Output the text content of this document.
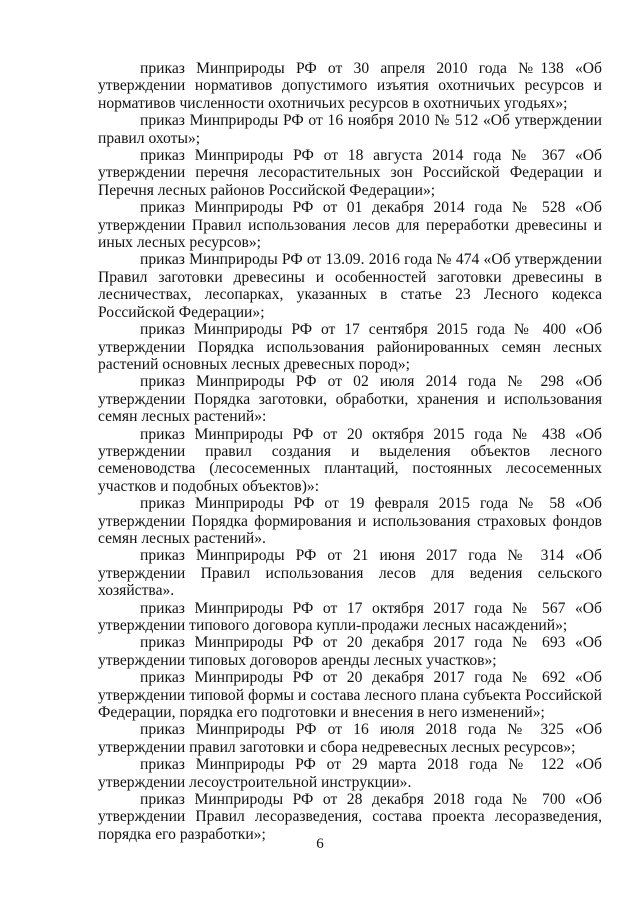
приказ Минприроды РФ от 30 апреля 2010 года №138 «Об утверждении нормативов допустимого изъятия охотничьих ресурсов и нормативов численности охотничьих ресурсов в охотничьих угодьях»;

приказ Минприроды РФ от 16 ноября 2010 № 512 «Об утверждении правил охоты»;

приказ Минприроды РФ от 18 августа 2014 года № 367 «Об утверждении перечня лесорастительных зон Российской Федерации и Перечня лесных районов Российской Федерации»;

приказ Минприроды РФ от 01 декабря 2014 года № 528 «Об утверждении Правил использования лесов для переработки древесины и иных лесных ресурсов»;

приказ Минприроды РФ от 13.09. 2016 года № 474 «Об утверждении Правил заготовки древесины и особенностей заготовки древесины в лесничествах, лесопарках, указанных в статье 23 Лесного кодекса Российской Федерации»;

приказ Минприроды РФ от 17 сентября 2015 года № 400 «Об утверждении Порядка использования районированных семян лесных растений основных лесных древесных пород»;

приказ Минприроды РФ от 02 июля 2014 года № 298 «Об утверждении Порядка заготовки, обработки, хранения и использования семян лесных растений»:

приказ Минприроды РФ от 20 октября 2015 года № 438 «Об утверждении правил создания и выделения объектов лесного семеноводства (лесосеменных плантаций, постоянных лесосеменных участков и подобных объектов)»:

приказ Минприроды РФ от 19 февраля 2015 года № 58 «Об утверждении Порядка формирования и использования страховых фондов семян лесных растений».

приказ Минприроды РФ от 21 июня 2017 года № 314 «Об утверждении Правил использования лесов для ведения сельского хозяйства».

приказ Минприроды РФ от 17 октября 2017 года № 567 «Об утверждении типового договора купли-продажи лесных насаждений»;

приказ Минприроды РФ от 20 декабря 2017 года № 693 «Об утверждении типовых договоров аренды лесных участков»;

приказ Минприроды РФ от 20 декабря 2017 года № 692 «Об утверждении типовой формы и состава лесного плана субъекта Российской Федерации, порядка его подготовки и внесения в него изменений»;

приказ Минприроды РФ от 16 июля 2018 года № 325 «Об утверждении правил заготовки и сбора недревесных лесных ресурсов»;

приказ Минприроды РФ от 29 марта 2018 года № 122 «Об утверждении лесоустроительной инструкции».

приказ Минприроды РФ от 28 декабря 2018 года № 700 «Об утверждении Правил лесоразведения, состава проекта лесоразведения, порядка его разработки»;

6
